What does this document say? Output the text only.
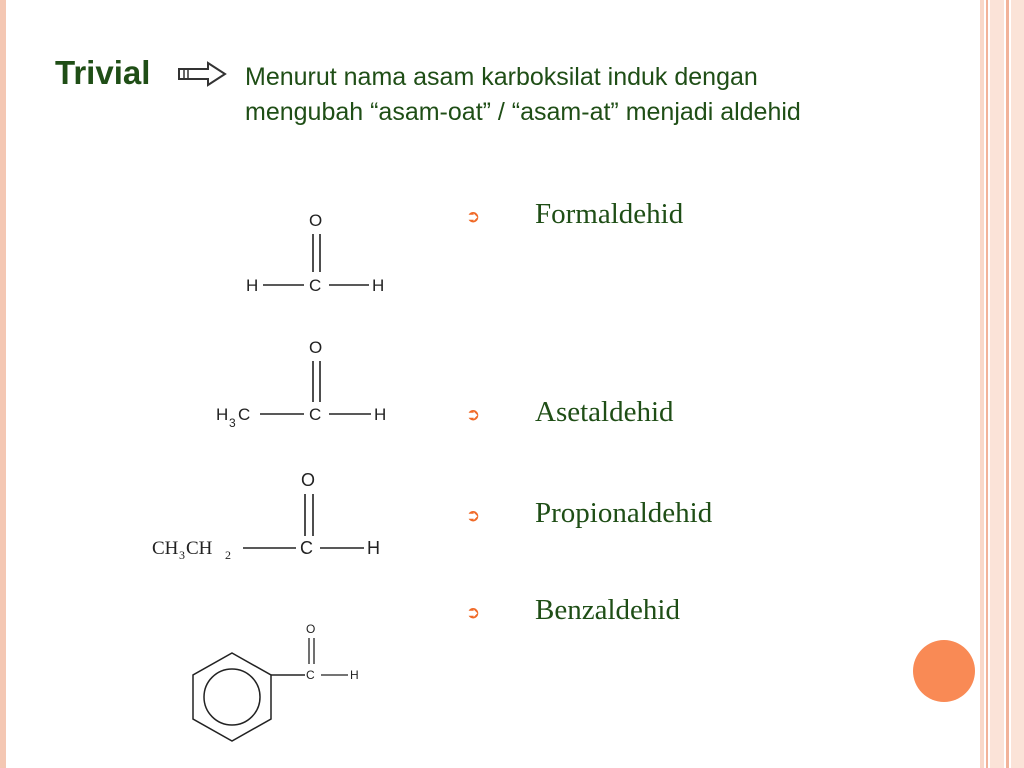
Trivial	Menurut nama asam karboksilat induk dengan
mengubah “asam-oat” / “asam-at” menjadi aldehid
➲ Formaldehid
➲ Asetaldehid
➲ Propionaldehid
➲ Benzaldehid
O
C
H	H
O
C
H 3 C	H
O
C
CH 3 CH 2	H
O
C	H
